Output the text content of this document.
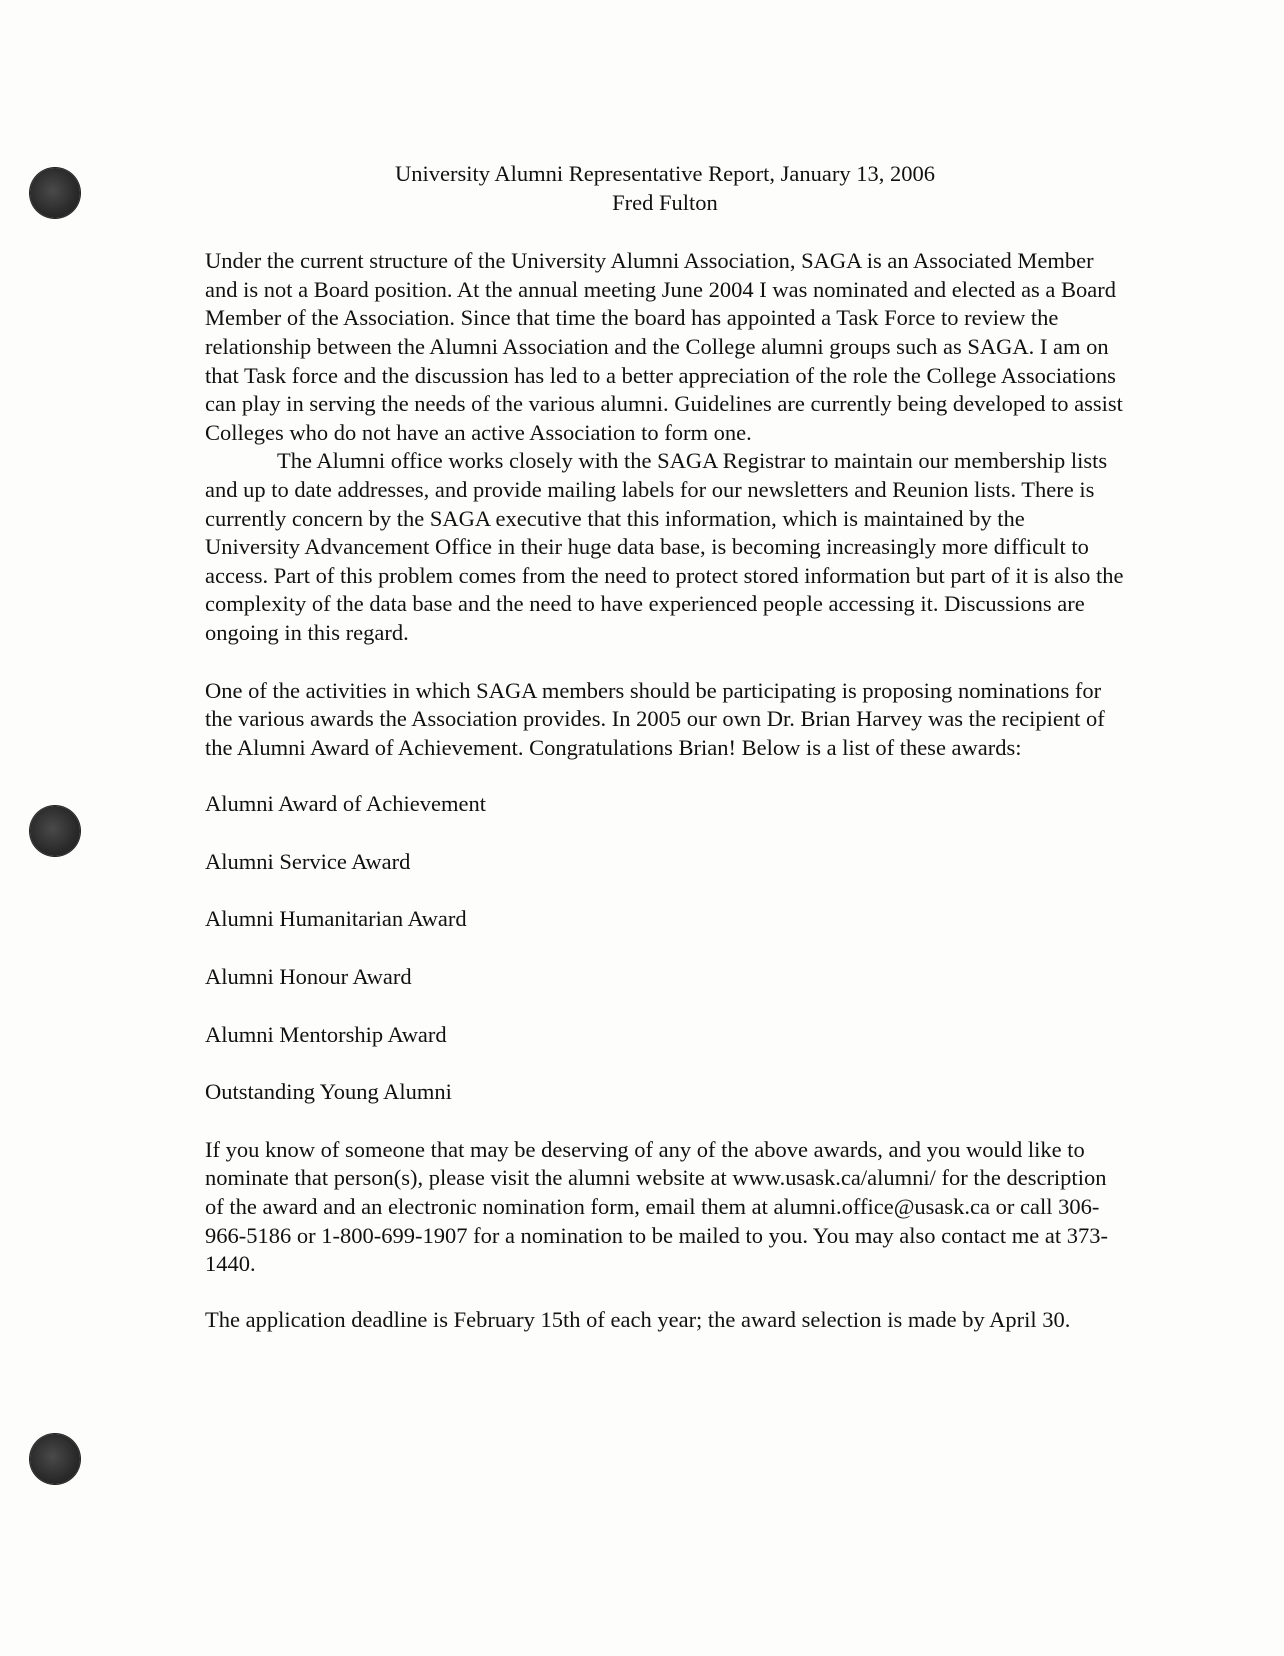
University Alumni Representative Report, January 13, 2006
Fred Fulton

Under the current structure of the University Alumni Association, SAGA is an Associated Member and is not a Board position. At the annual meeting June 2004 I was nominated and elected as a Board Member of the Association. Since that time the board has appointed a Task Force to review the relationship between the Alumni Association and the College alumni groups such as SAGA. I am on that Task force and the discussion has led to a better appreciation of the role the College Associations can play in serving the needs of the various alumni. Guidelines are currently being developed to assist Colleges who do not have an active Association to form one.

The Alumni office works closely with the SAGA Registrar to maintain our membership lists and up to date addresses, and provide mailing labels for our newsletters and Reunion lists. There is currently concern by the SAGA executive that this information, which is maintained by the University Advancement Office in their huge data base, is becoming increasingly more difficult to access. Part of this problem comes from the need to protect stored information but part of it is also the complexity of the data base and the need to have experienced people accessing it. Discussions are ongoing in this regard.

One of the activities in which SAGA members should be participating is proposing nominations for the various awards the Association provides. In 2005 our own Dr. Brian Harvey was the recipient of the Alumni Award of Achievement. Congratulations Brian! Below is a list of these awards:

Alumni Award of Achievement
Alumni Service Award
Alumni Humanitarian Award
Alumni Honour Award
Alumni Mentorship Award
Outstanding Young Alumni

If you know of someone that may be deserving of any of the above awards, and you would like to nominate that person(s), please visit the alumni website at www.usask.ca/alumni/ for the description of the award and an electronic nomination form, email them at alumni.office@usask.ca or call 306-966-5186 or 1-800-699-1907 for a nomination to be mailed to you. You may also contact me at 373-1440.

The application deadline is February 15th of each year; the award selection is made by April 30.
